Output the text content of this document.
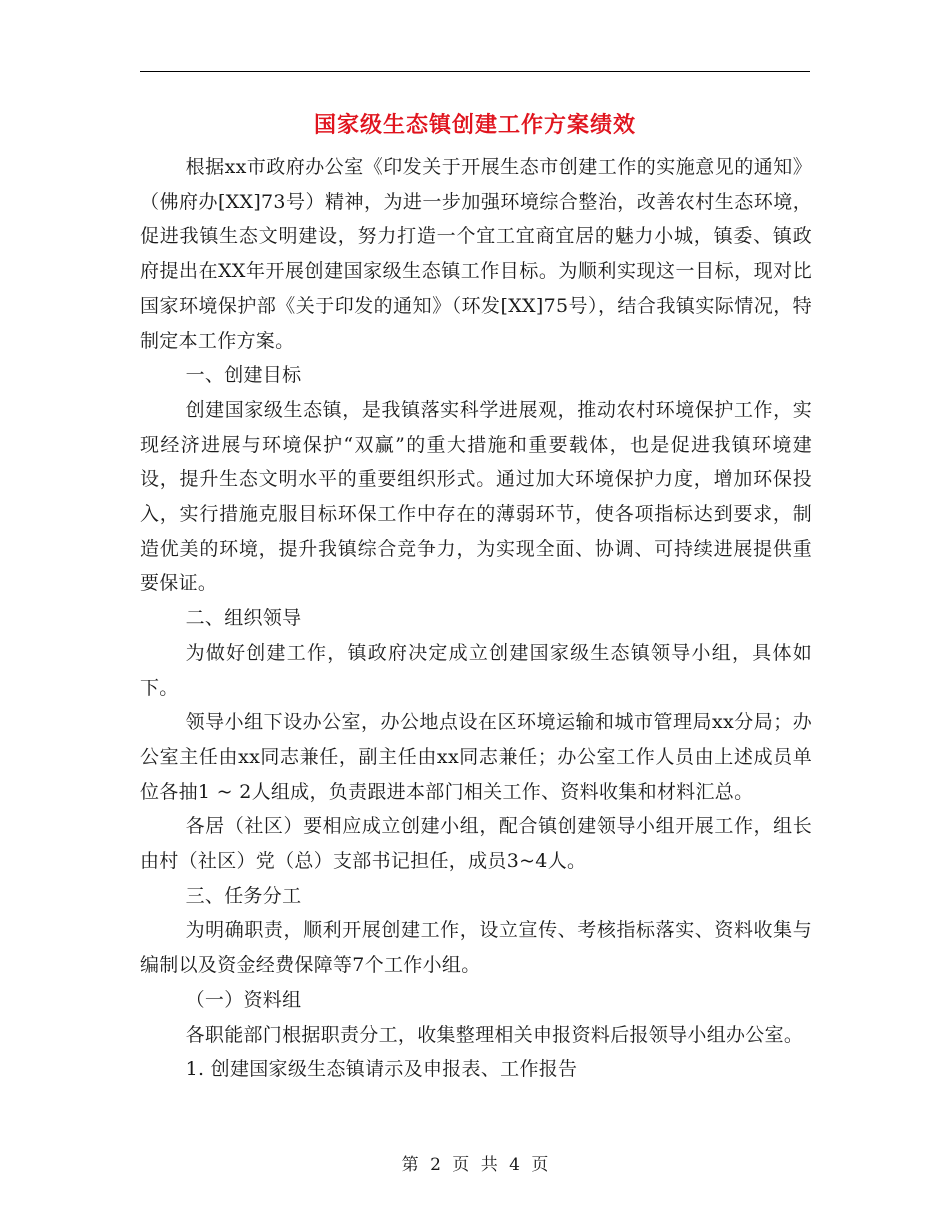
国家级生态镇创建工作方案绩效

根据xx市政府办公室《印发关于开展生态市创建工作的实施意见的通知》（佛府办[XX]73号）精神，为进一步加强环境综合整治，改善农村生态环境，促进我镇生态文明建设，努力打造一个宜工宜商宜居的魅力小城，镇委、镇政府提出在XX年开展创建国家级生态镇工作目标。为顺利实现这一目标，现对比国家环境保护部《关于印发的通知》（环发[XX]75号），结合我镇实际情况，特制定本工作方案。

一、创建目标

创建国家级生态镇，是我镇落实科学进展观，推动农村环境保护工作，实现经济进展与环境保护“双赢”的重大措施和重要载体，也是促进我镇环境建设，提升生态文明水平的重要组织形式。通过加大环境保护力度，增加环保投入，实行措施克服目标环保工作中存在的薄弱环节，使各项指标达到要求，制造优美的环境，提升我镇综合竞争力，为实现全面、协调、可持续进展提供重要保证。

二、组织领导

为做好创建工作，镇政府决定成立创建国家级生态镇领导小组，具体如下。

领导小组下设办公室，办公地点设在区环境运输和城市管理局xx分局；办公室主任由xx同志兼任，副主任由xx同志兼任；办公室工作人员由上述成员单位各抽1 ~ 2人组成，负责跟进本部门相关工作、资料收集和材料汇总。

各居（社区）要相应成立创建小组，配合镇创建领导小组开展工作，组长由村（社区）党（总）支部书记担任，成员3~4人。

三、任务分工

为明确职责，顺利开展创建工作，设立宣传、考核指标落实、资料收集与编制以及资金经费保障等7个工作小组。

（一）资料组

各职能部门根据职责分工，收集整理相关申报资料后报领导小组办公室。

1. 创建国家级生态镇请示及申报表、工作报告

第 2 页 共 4 页
